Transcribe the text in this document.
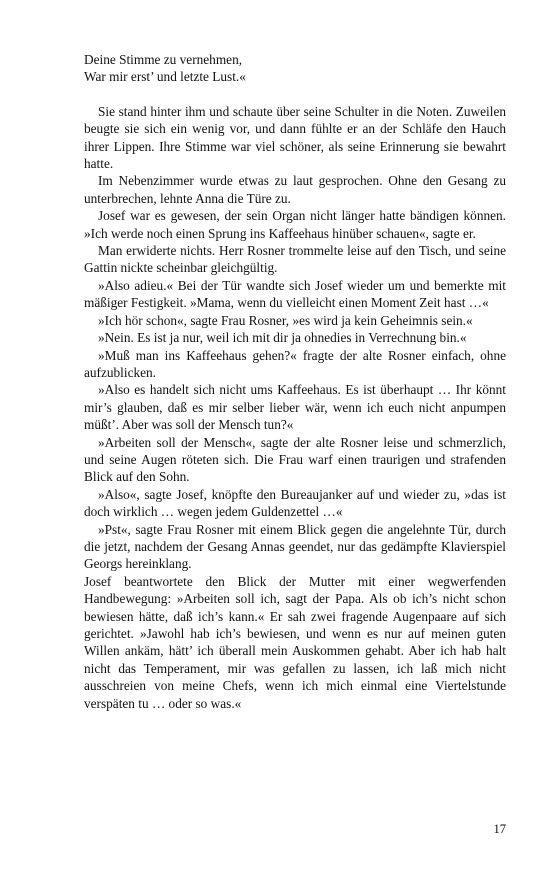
Deine Stimme zu vernehmen,

War mir erst’ und letzte Lust.«

Sie stand hinter ihm und schaute über seine Schulter in die Noten. Zuweilen beugte sie sich ein wenig vor, und dann fühlte er an der Schläfe den Hauch ihrer Lippen. Ihre Stimme war viel schöner, als seine Erinnerung sie bewahrt hatte.

Im Nebenzimmer wurde etwas zu laut gesprochen. Ohne den Gesang zu unterbrechen, lehnte Anna die Türe zu.

Josef war es gewesen, der sein Organ nicht länger hatte bändigen können. »Ich werde noch einen Sprung ins Kaffeehaus hinüber schauen«, sagte er.

Man erwiderte nichts. Herr Rosner trommelte leise auf den Tisch, und seine Gattin nickte scheinbar gleichgültig.

»Also adieu.« Bei der Tür wandte sich Josef wieder um und bemerkte mit mäßiger Festigkeit. »Mama, wenn du vielleicht einen Moment Zeit hast …«

»Ich hör schon«, sagte Frau Rosner, »es wird ja kein Geheimnis sein.«

»Nein. Es ist ja nur, weil ich mit dir ja ohnedies in Verrechnung bin.«

»Muß man ins Kaffeehaus gehen?« fragte der alte Rosner einfach, ohne aufzublicken.

»Also es handelt sich nicht ums Kaffeehaus. Es ist überhaupt … Ihr könnt mir’s glauben, daß es mir selber lieber wär, wenn ich euch nicht anpumpen müßt’. Aber was soll der Mensch tun?«

»Arbeiten soll der Mensch«, sagte der alte Rosner leise und schmerzlich, und seine Augen röteten sich. Die Frau warf einen traurigen und strafenden Blick auf den Sohn.

»Also«, sagte Josef, knöpfte den Bureaujanker auf und wieder zu, »das ist doch wirklich … wegen jedem Guldenzettel …«

»Pst«, sagte Frau Rosner mit einem Blick gegen die angelehnte Tür, durch die jetzt, nachdem der Gesang Annas geendet, nur das gedämpfte Klavierspiel Georgs hereinklang.

Josef beantwortete den Blick der Mutter mit einer wegwerfenden Handbewegung: »Arbeiten soll ich, sagt der Papa. Als ob ich’s nicht schon bewiesen hätte, daß ich’s kann.« Er sah zwei fragende Augenpaare auf sich gerichtet. »Jawohl hab ich’s bewiesen, und wenn es nur auf meinen guten Willen ankäm, hätt’ ich überall mein Auskommen gehabt. Aber ich hab halt nicht das Temperament, mir was gefallen zu lassen, ich laß mich nicht ausschreien von meine Chefs, wenn ich mich einmal eine Viertelstunde verspäten tu … oder so was.«

17
